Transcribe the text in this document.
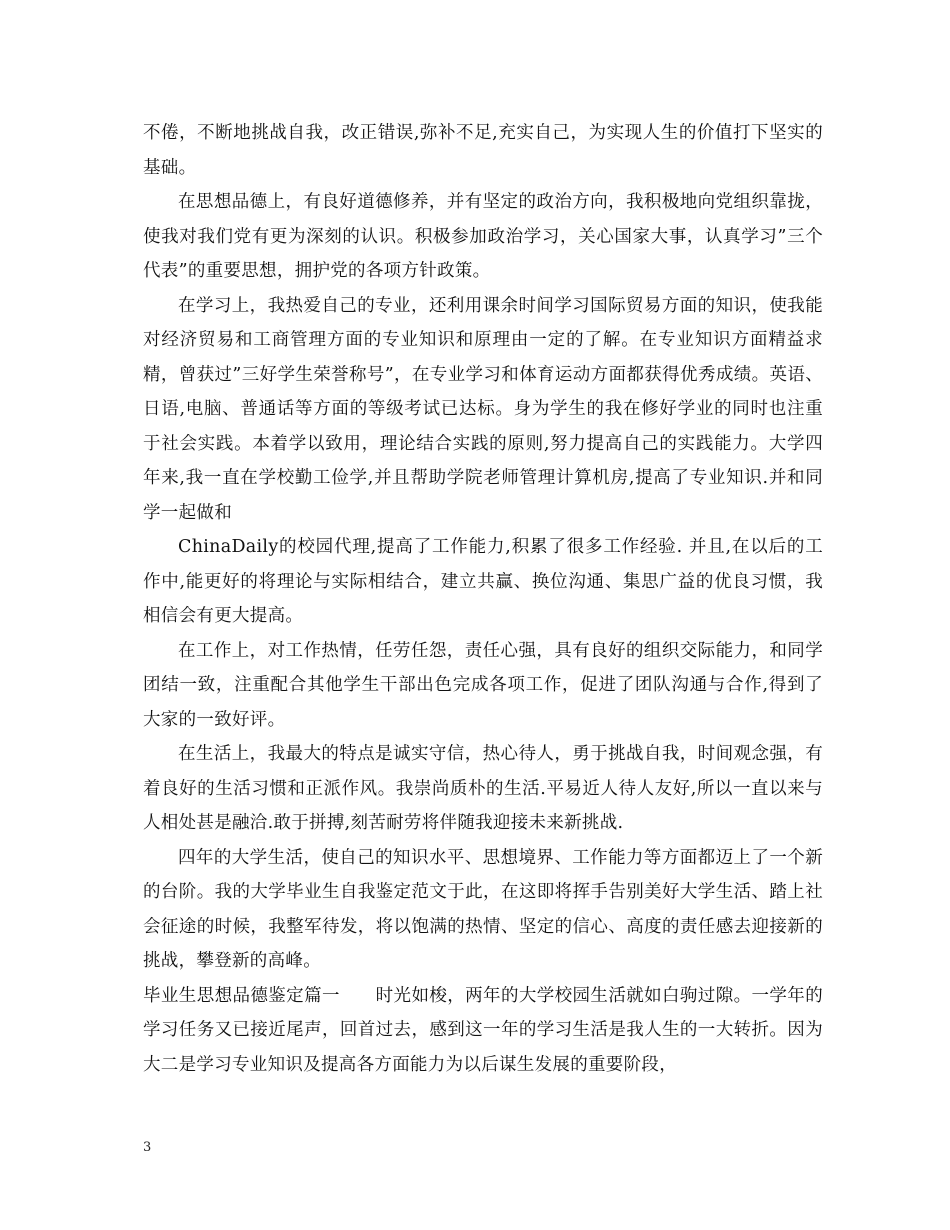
不倦，不断地挑战自我，改正错误,弥补不足,充实自己，为实现人生的价值打下坚实的基础。

在思想品德上，有良好道德修养，并有坚定的政治方向，我积极地向党组织靠拢，使我对我们党有更为深刻的认识。积极参加政治学习，关心国家大事，认真学习”三个代表”的重要思想，拥护党的各项方针政策。

在学习上，我热爱自己的专业，还利用课余时间学习国际贸易方面的知识，使我能对经济贸易和工商管理方面的专业知识和原理由一定的了解。在专业知识方面精益求精，曾获过”三好学生荣誉称号”，在专业学习和体育运动方面都获得优秀成绩。英语、日语,电脑、普通话等方面的等级考试已达标。身为学生的我在修好学业的同时也注重于社会实践。本着学以致用，理论结合实践的原则,努力提高自己的实践能力。大学四年来,我一直在学校勤工俭学,并且帮助学院老师管理计算机房,提高了专业知识.并和同学一起做和

ChinaDaily的校园代理,提高了工作能力,积累了很多工作经验. 并且,在以后的工作中,能更好的将理论与实际相结合，建立共赢、换位沟通、集思广益的优良习惯，我相信会有更大提高。

在工作上，对工作热情，任劳任怨，责任心强，具有良好的组织交际能力，和同学团结一致，注重配合其他学生干部出色完成各项工作，促进了团队沟通与合作,得到了大家的一致好评。

在生活上，我最大的特点是诚实守信，热心待人，勇于挑战自我，时间观念强，有着良好的生活习惯和正派作风。我崇尚质朴的生活.平易近人待人友好,所以一直以来与人相处甚是融洽.敢于拼搏,刻苦耐劳将伴随我迎接未来新挑战.

四年的大学生活，使自己的知识水平、思想境界、工作能力等方面都迈上了一个新的台阶。我的大学毕业生自我鉴定范文于此，在这即将挥手告别美好大学生活、踏上社会征途的时候，我整军待发，将以饱满的热情、坚定的信心、高度的责任感去迎接新的挑战，攀登新的高峰。

毕业生思想品德鉴定篇一　　时光如梭，两年的大学校园生活就如白驹过隙。一学年的学习任务又已接近尾声，回首过去，感到这一年的学习生活是我人生的一大转折。因为大二是学习专业知识及提高各方面能力为以后谋生发展的重要阶段，

3
